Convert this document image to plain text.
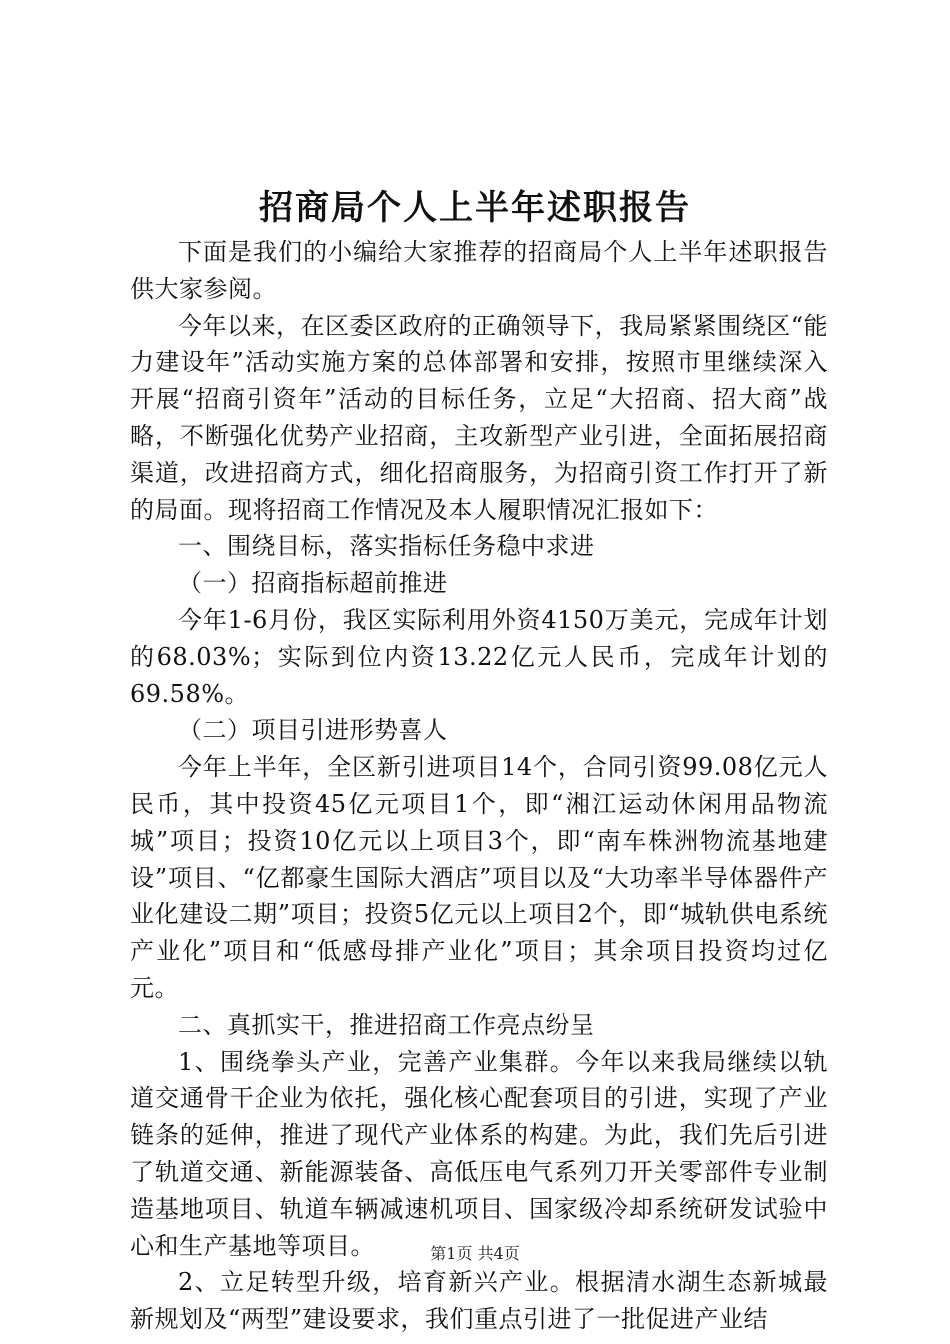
招商局个人上半年述职报告

下面是我们的小编给大家推荐的招商局个人上半年述职报告供大家参阅。

今年以来，在区委区政府的正确领导下，我局紧紧围绕区“能力建设年”活动实施方案的总体部署和安排，按照市里继续深入开展“招商引资年”活动的目标任务，立足“大招商、招大商”战略，不断强化优势产业招商，主攻新型产业引进，全面拓展招商渠道，改进招商方式，细化招商服务，为招商引资工作打开了新的局面。现将招商工作情况及本人履职情况汇报如下：

一、围绕目标，落实指标任务稳中求进

（一）招商指标超前推进

今年1-6月份，我区实际利用外资4150万美元，完成年计划的68.03%；实际到位内资13.22亿元人民币，完成年计划的69.58%。

（二）项目引进形势喜人

今年上半年，全区新引进项目14个，合同引资99.08亿元人民币，其中投资45亿元项目1个，即“湘江运动休闲用品物流城”项目；投资10亿元以上项目3个，即“南车株洲物流基地建设”项目、“亿都豪生国际大酒店”项目以及“大功率半导体器件产业化建设二期”项目；投资5亿元以上项目2个，即“城轨供电系统产业化”项目和“低感母排产业化”项目；其余项目投资均过亿元。

二、真抓实干，推进招商工作亮点纷呈

1、围绕拳头产业，完善产业集群。今年以来我局继续以轨道交通骨干企业为依托，强化核心配套项目的引进，实现了产业链条的延伸，推进了现代产业体系的构建。为此，我们先后引进了轨道交通、新能源装备、高低压电气系列刀开关零部件专业制造基地项目、轨道车辆减速机项目、国家级冷却系统研发试验中心和生产基地等项目。

2、立足转型升级，培育新兴产业。根据清水湖生态新城最新规划及“两型”建设要求，我们重点引进了一批促进产业结

第1页 共4页
